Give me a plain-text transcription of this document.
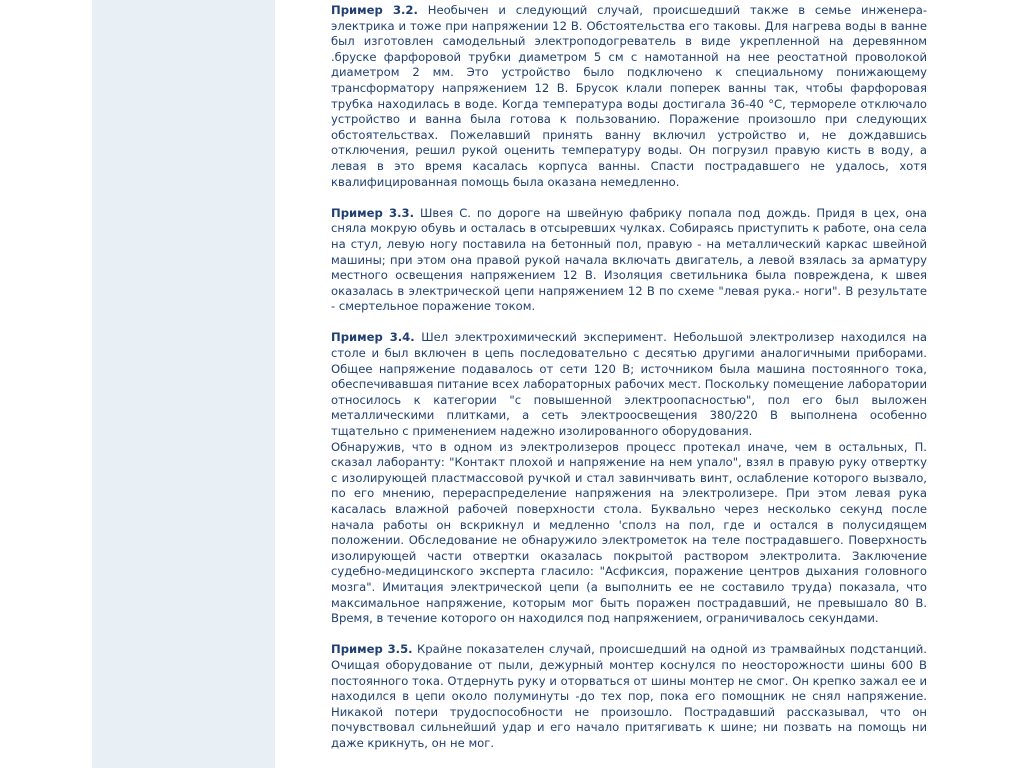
Пример 3.2. Необычен и следующий случай, происшедший также в семье инженера-электрика и тоже при напряжении 12 В. Обстоятельства его таковы. Для нагрева воды в ванне был изготовлен самодельный электроподогреватель в виде укрепленной на деревянном .бруске фарфоровой трубки диаметром 5 см с намотанной на нее реостатной проволокой диаметром 2 мм. Это устройство было подключено к специальному понижающему трансформатору напряжением 12 В. Брусок клали поперек ванны так, чтобы фарфоровая трубка находилась в воде. Когда температура воды достигала 36-40 °С, терморелe отключало устройство и ванна была готова к пользованию. Поражение произошло при следующих обстоятельствах. Пожелавший принять ванну включил устройство и, не дождавшись отключения, решил рукой оценить температуру воды. Он погрузил правую кисть в воду, а левая в это время касалась корпуса ванны. Спасти пострадавшего не удалось, хотя квалифицированная помощь была оказана немедленно.

Пример 3.3. Швея С. по дороге на швейную фабрику попала под дождь. Придя в цех, она сняла мокрую обувь и осталась в отсыревших чулках. Собираясь приступить к работе, она села на стул, левую ногу поставила на бетонный пол, правую - на металлический каркас швейной машины; при этом она правой рукой начала включать двигатель, а левой взялась за арматуру местного освещения напряжением 12 В. Изоляция светильника была повреждена, к швея оказалась в электрической цепи напряжением 12 В по схеме "левая рука.- ноги". В результате - смертельное поражение током.

Пример 3.4. Шел электрохимический эксперимент. Небольшой электролизер находился на столе и был включен в цепь последовательно с десятью другими аналогичными приборами. Общее напряжение подавалось от сети 120 В; источником была машина постоянного тока, обеспечивавшая питание всех лабораторных рабочих мест. Поскольку помещение лаборатории относилось к категории "с повышенной электроопасностью", пол его был выложен металлическими плитками, а сеть электроосвещения 380/220 В выполнена особенно тщательно с применением надежно изолированного оборудования.

Обнаружив, что в одном из электролизеров процесс протекал иначе, чем в остальных, П. сказал лаборанту: "Контакт плохой и напряжение на нем упало", взял в правую руку отвертку с изолирующей пластмассовой ручкой и стал завинчивать винт, ослабление которого вызвало, по его мнению, перераспределение напряжения на электролизере. При этом левая рука касалась влажной рабочей поверхности стола. Буквально через несколько секунд после начала работы он вскрикнул и медленно 'сполз на пол, где и остался в полусидящем положении. Обследование не обнаружило электрометок на теле пострадавшего. Поверхность изолирующей части отвертки оказалась покрытой раствором электролита. Заключение судебно-медицинского эксперта гласило: "Асфиксия, поражение центров дыхания головного мозга". Имитация электрической цепи (а выполнить ее не составило труда) показала, что максимальное напряжение, которым мог быть поражен пострадавший, не превышало 80 В. Время, в течение которого он находился под напряжением, ограничивалось секундами.

Пример 3.5. Крайне показателен случай, происшедший на одной из трамвайных подстанций. Очищая оборудование от пыли, дежурный монтер коснулся по неосторожности шины 600 В постоянного тока. Отдернуть руку и оторваться от шины монтер не смог. Он крепко зажал ее и находился в цепи около полуминуты -до тех пор, пока его помощник не снял напряжение. Никакой потери трудоспособности не произошло. Пострадавший рассказывал, что он почувствовал сильнейший удар и его начало притягивать к шине; ни позвать на помощь ни даже крикнуть, он не мог.
